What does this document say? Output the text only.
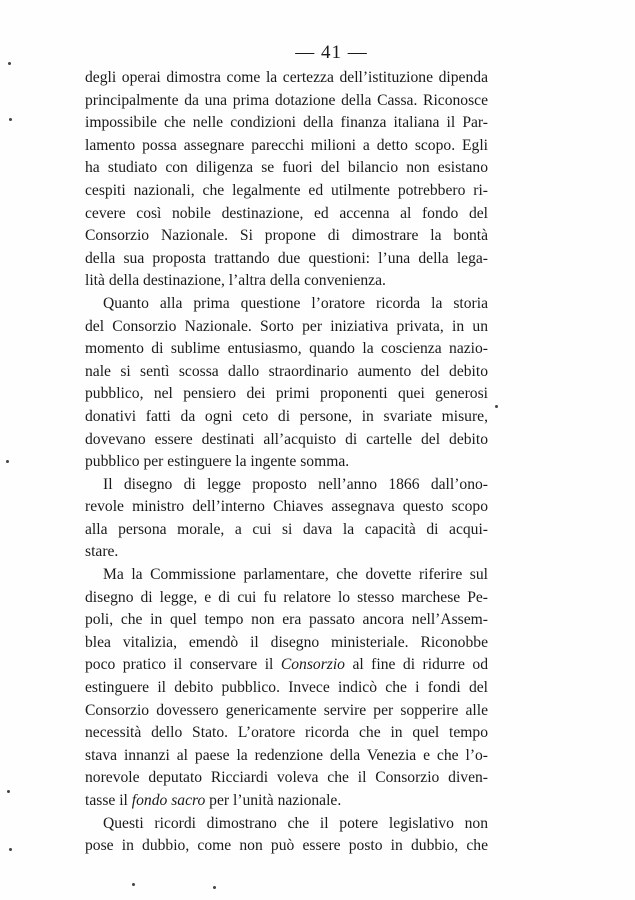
— 41 —
degli operai dimostra come la certezza dell’istituzione dipenda
principalmente da una prima dotazione della Cassa. Riconosce
impossibile che nelle condizioni della finanza italiana il Par-
lamento possa assegnare parecchi milioni a detto scopo. Egli
ha studiato con diligenza se fuori del bilancio non esistano
cespiti nazionali, che legalmente ed utilmente potrebbero ri-
cevere così nobile destinazione, ed accenna al fondo del
Consorzio Nazionale. Si propone di dimostrare la bontà
della sua proposta trattando due questioni: l’una della lega-
lità della destinazione, l’altra della convenienza.
Quanto alla prima questione l’oratore ricorda la storia
del Consorzio Nazionale. Sorto per iniziativa privata, in un
momento di sublime entusiasmo, quando la coscienza nazio-
nale si sentì scossa dallo straordinario aumento del debito
pubblico, nel pensiero dei primi proponenti quei generosi
donativi fatti da ogni ceto di persone, in svariate misure,
dovevano essere destinati all’acquisto di cartelle del debito
pubblico per estinguere la ingente somma.
Il disegno di legge proposto nell’anno 1866 dall’ono-
revole ministro dell’interno Chiaves assegnava questo scopo
alla persona morale, a cui si dava la capacità di acqui-
stare.
Ma la Commissione parlamentare, che dovette riferire sul
disegno di legge, e di cui fu relatore lo stesso marchese Pe-
poli, che in quel tempo non era passato ancora nell’Assem-
blea vitalizia, emendò il disegno ministeriale. Riconobbe
poco pratico il conservare il Consorzio al fine di ridurre od
estinguere il debito pubblico. Invece indicò che i fondi del
Consorzio dovessero genericamente servire per sopperire alle
necessità dello Stato. L’oratore ricorda che in quel tempo
stava innanzi al paese la redenzione della Venezia e che l’o-
norevole deputato Ricciardi voleva che il Consorzio diven-
tasse il fondo sacro per l’unità nazionale.
Questi ricordi dimostrano che il potere legislativo non
pose in dubbio, come non può essere posto in dubbio, che
